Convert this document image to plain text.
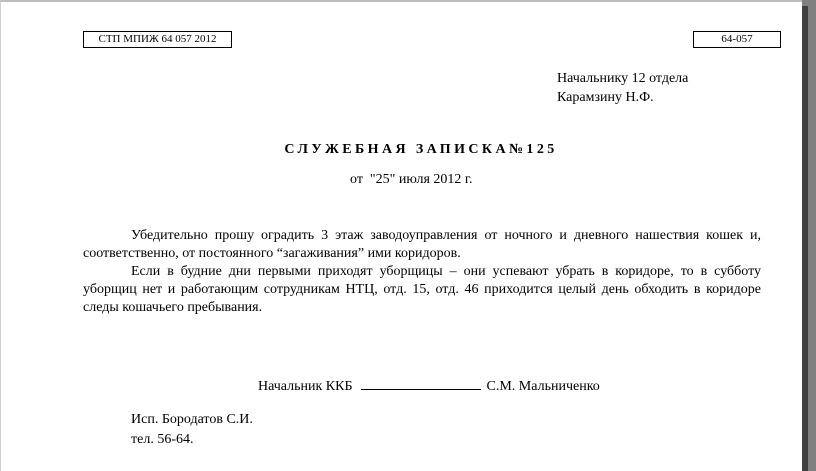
СТП МПИЖ 64 057 2012	64-057
Начальнику 12 отдела
Карамзину Н.Ф.
СЛУЖЕБНАЯ ЗАПИСКА№125
от  "25" июля 2012 г.

Убедительно прошу оградить 3 этаж заводоуправления от ночного и дневного нашествия кошек и, соответственно, от постоянного “загаживания” ими коридоров.

Если в будние дни первыми приходят уборщицы – они успевают убрать в коридоре, то в субботу уборщиц нет и работающим сотрудникам НТЦ, отд. 15, отд. 46 приходится целый день обходить в коридоре следы кошачьего пребывания.

Начальник ККБ	С.М. Мальниченко
Исп. Бородатов С.И.
тел. 56-64.
